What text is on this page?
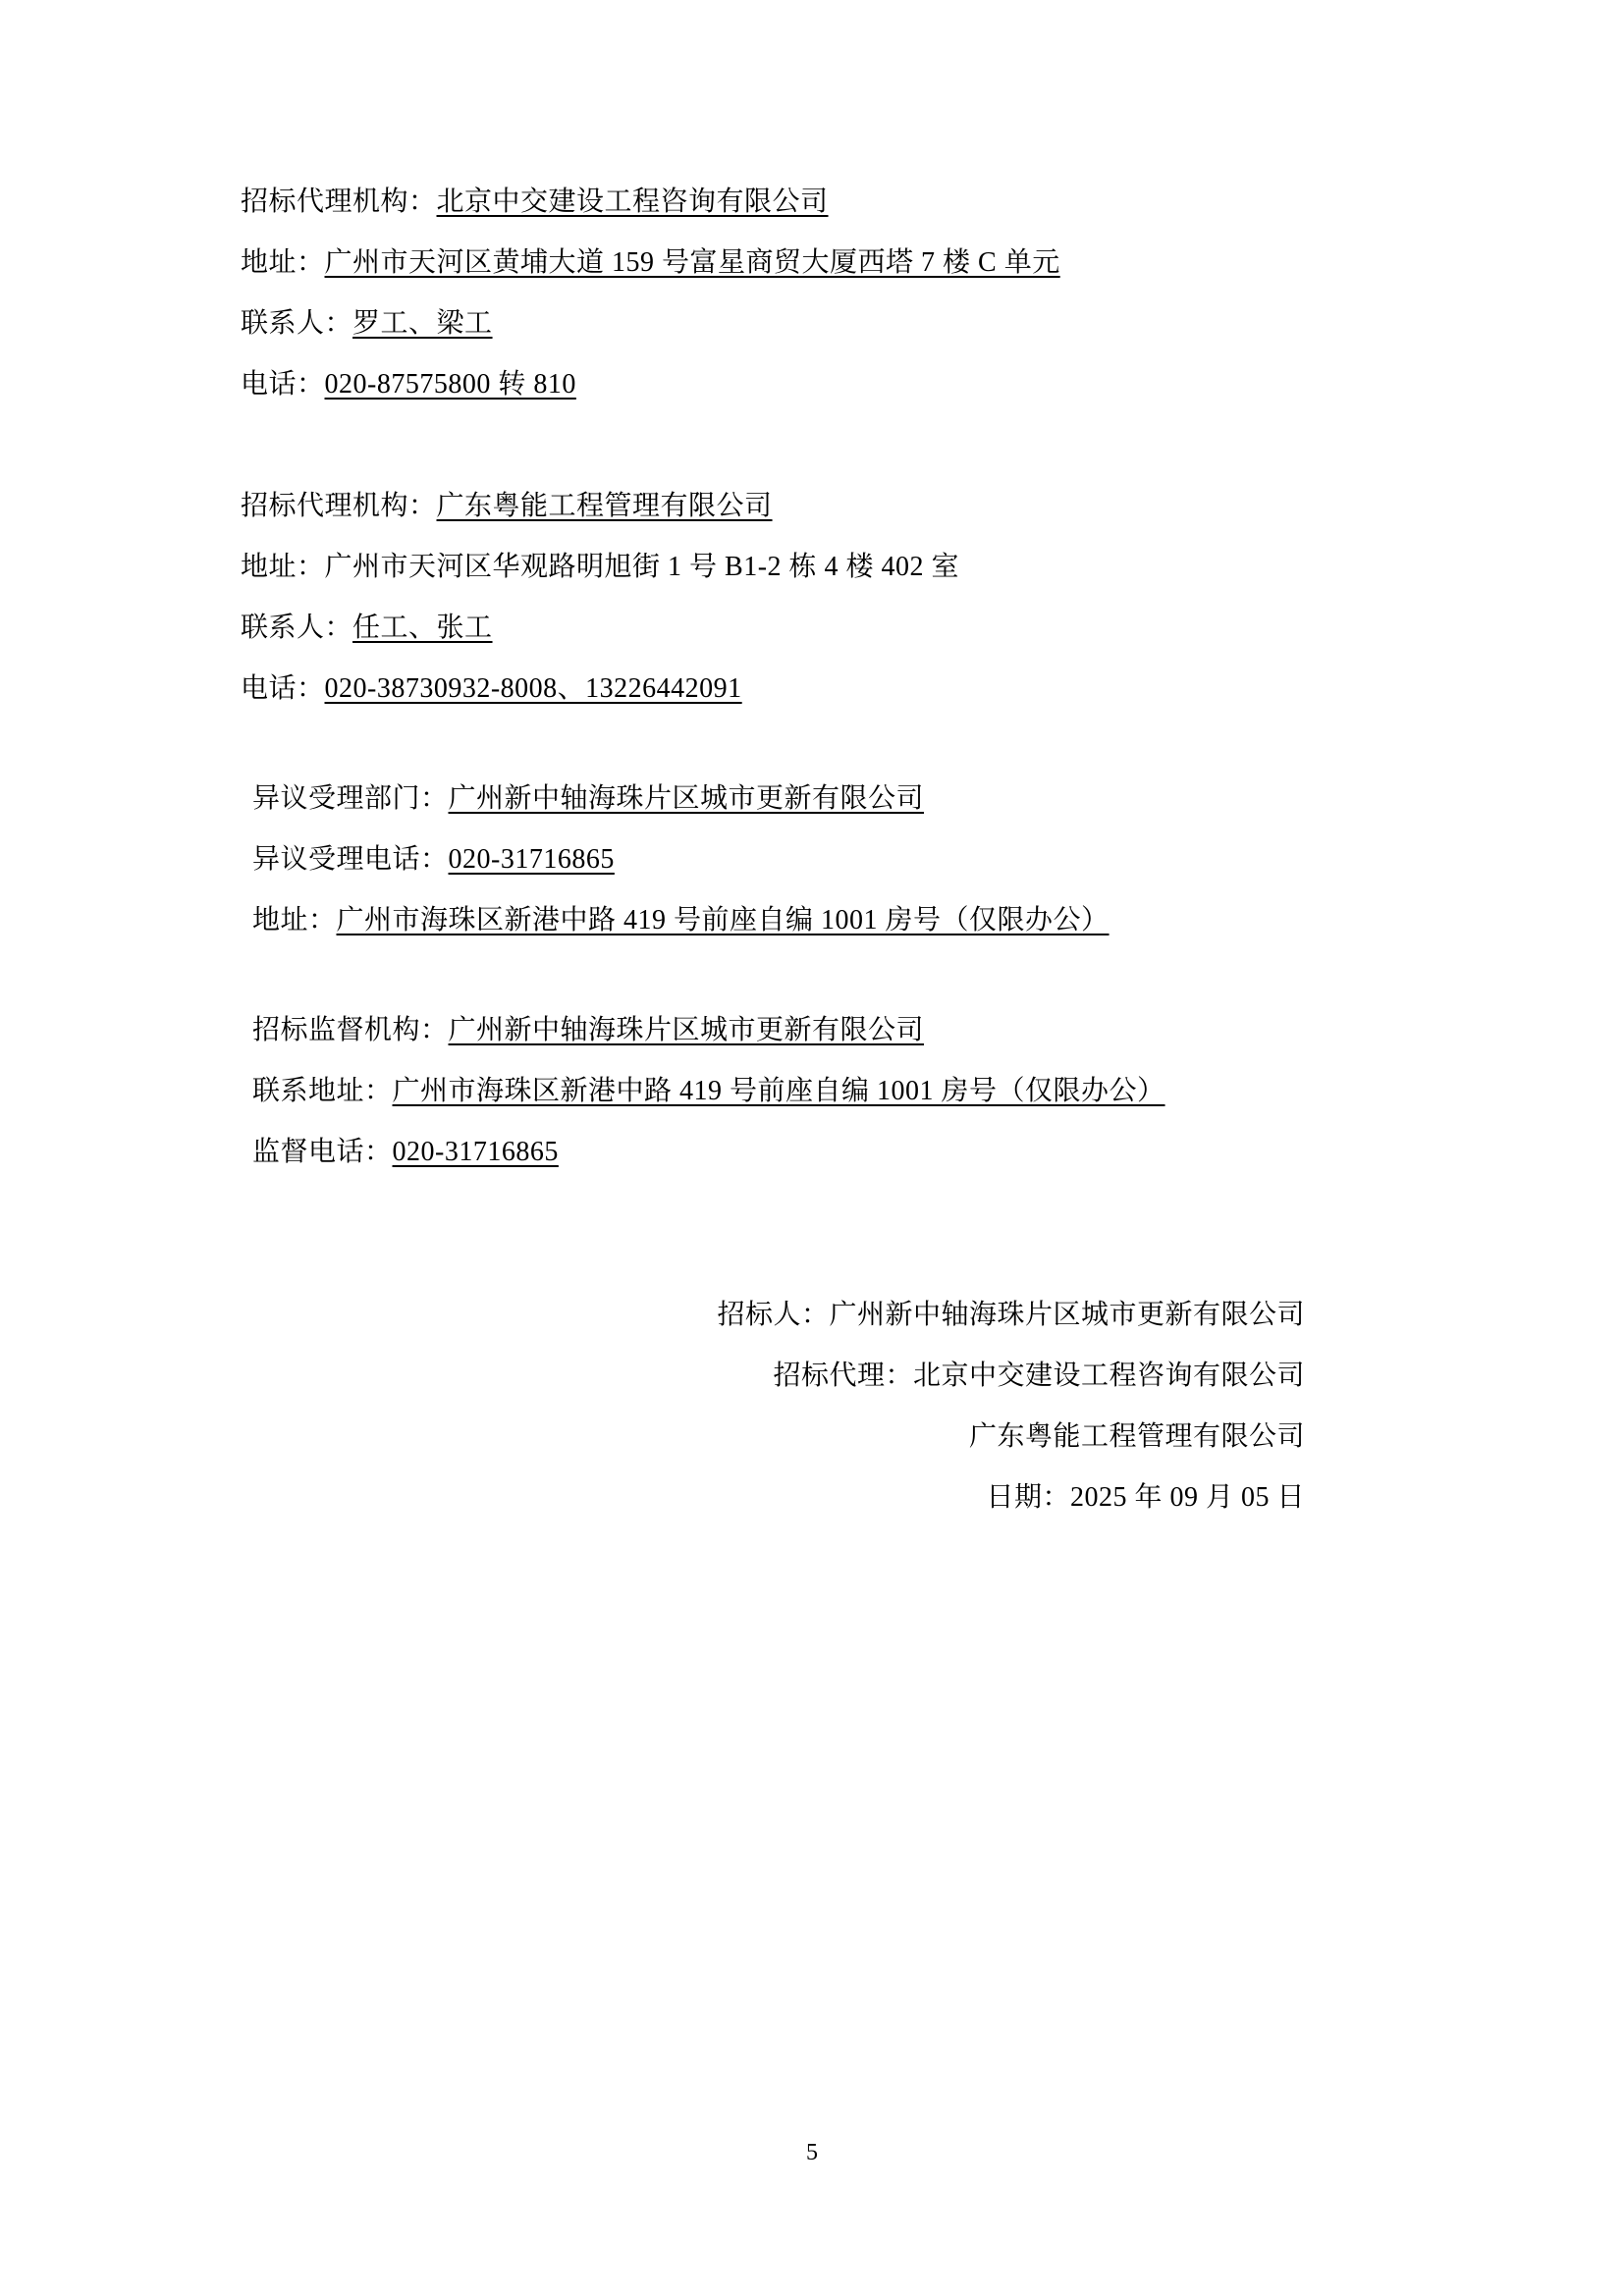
招标代理机构：北京中交建设工程咨询有限公司
地址：广州市天河区黄埔大道 159 号富星商贸大厦西塔 7 楼 C 单元
联系人：罗工、梁工
电话：020-87575800 转 810
招标代理机构：广东粤能工程管理有限公司
地址：广州市天河区华观路明旭街 1 号 B1-2 栋 4 楼 402 室
联系人：任工、张工
电话：020-38730932-8008、13226442091
异议受理部门：广州新中轴海珠片区城市更新有限公司
异议受理电话：020-31716865
地址：广州市海珠区新港中路 419 号前座自编 1001 房号（仅限办公）
招标监督机构：广州新中轴海珠片区城市更新有限公司
联系地址：广州市海珠区新港中路 419 号前座自编 1001 房号（仅限办公）
监督电话：020-31716865
招标人：广州新中轴海珠片区城市更新有限公司
招标代理：北京中交建设工程咨询有限公司
广东粤能工程管理有限公司
日期：2025 年 09 月 05 日
5
